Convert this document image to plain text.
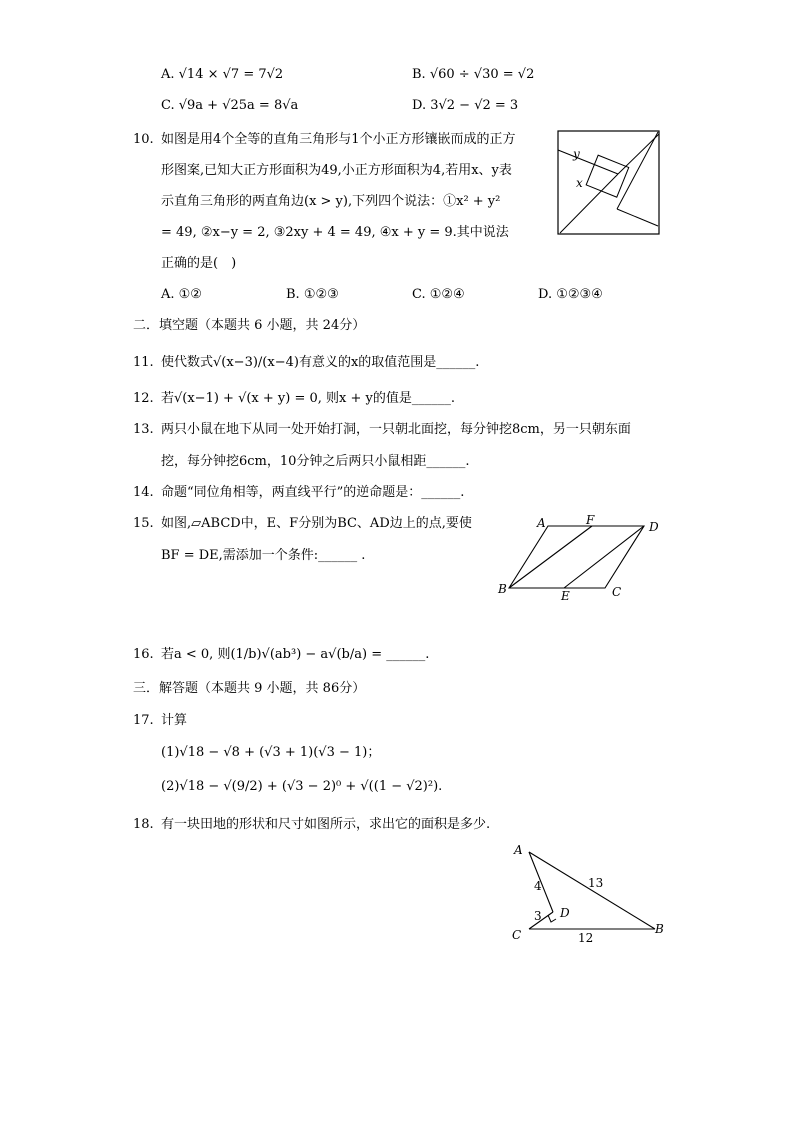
A. √14 × √7 = 7√2	B. √60 ÷ √30 = √2
C. √9a + √25a = 8√a	D. 3√2 − √2 = 3
10. 如图是用4个全等的直角三角形与1个小正方形镶嵌而成的正方
形图案,已知大正方形面积为49,小正方形面积为4,若用x、y表
示直角三角形的两直角边(x > y),下列四个说法：①x² + y²
= 49, ②x−y = 2, ③2xy + 4 = 49, ④x + y = 9.其中说法
正确的是(　)
A. ①②	B. ①②③	C. ①②④	D. ①②③④
y
x
二．填空题（本题共 6 小题，共 24分）
11. 使代数式√(x−3)/(x−4)有意义的x的取值范围是______.
12. 若√(x−1) + √(x + y) = 0, 则x + y的值是______.
13. 两只小鼠在地下从同一处开始打洞，一只朝北面挖，每分钟挖8cm，另一只朝东面
挖，每分钟挖6cm，10分钟之后两只小鼠相距______.
14. 命题“同位角相等，两直线平行”的逆命题是：______.
15. 如图,▱ABCD中，E、F分别为BC、AD边上的点,要使
BF = DE,需添加一个条件:______ .
A	F	D
B	E	C
16. 若a < 0, 则(1/b)√(ab³) − a√(b/a) = ______.
三．解答题（本题共 9 小题，共 86分）
17. 计算
(1)√18 − √8 + (√3 + 1)(√3 − 1)；
(2)√18 − √(9/2) + (√3 − 2)⁰ + √((1 − √2)²).
18. 有一块田地的形状和尺寸如图所示，求出它的面积是多少.
A
B
C
D
4
3
13
12
